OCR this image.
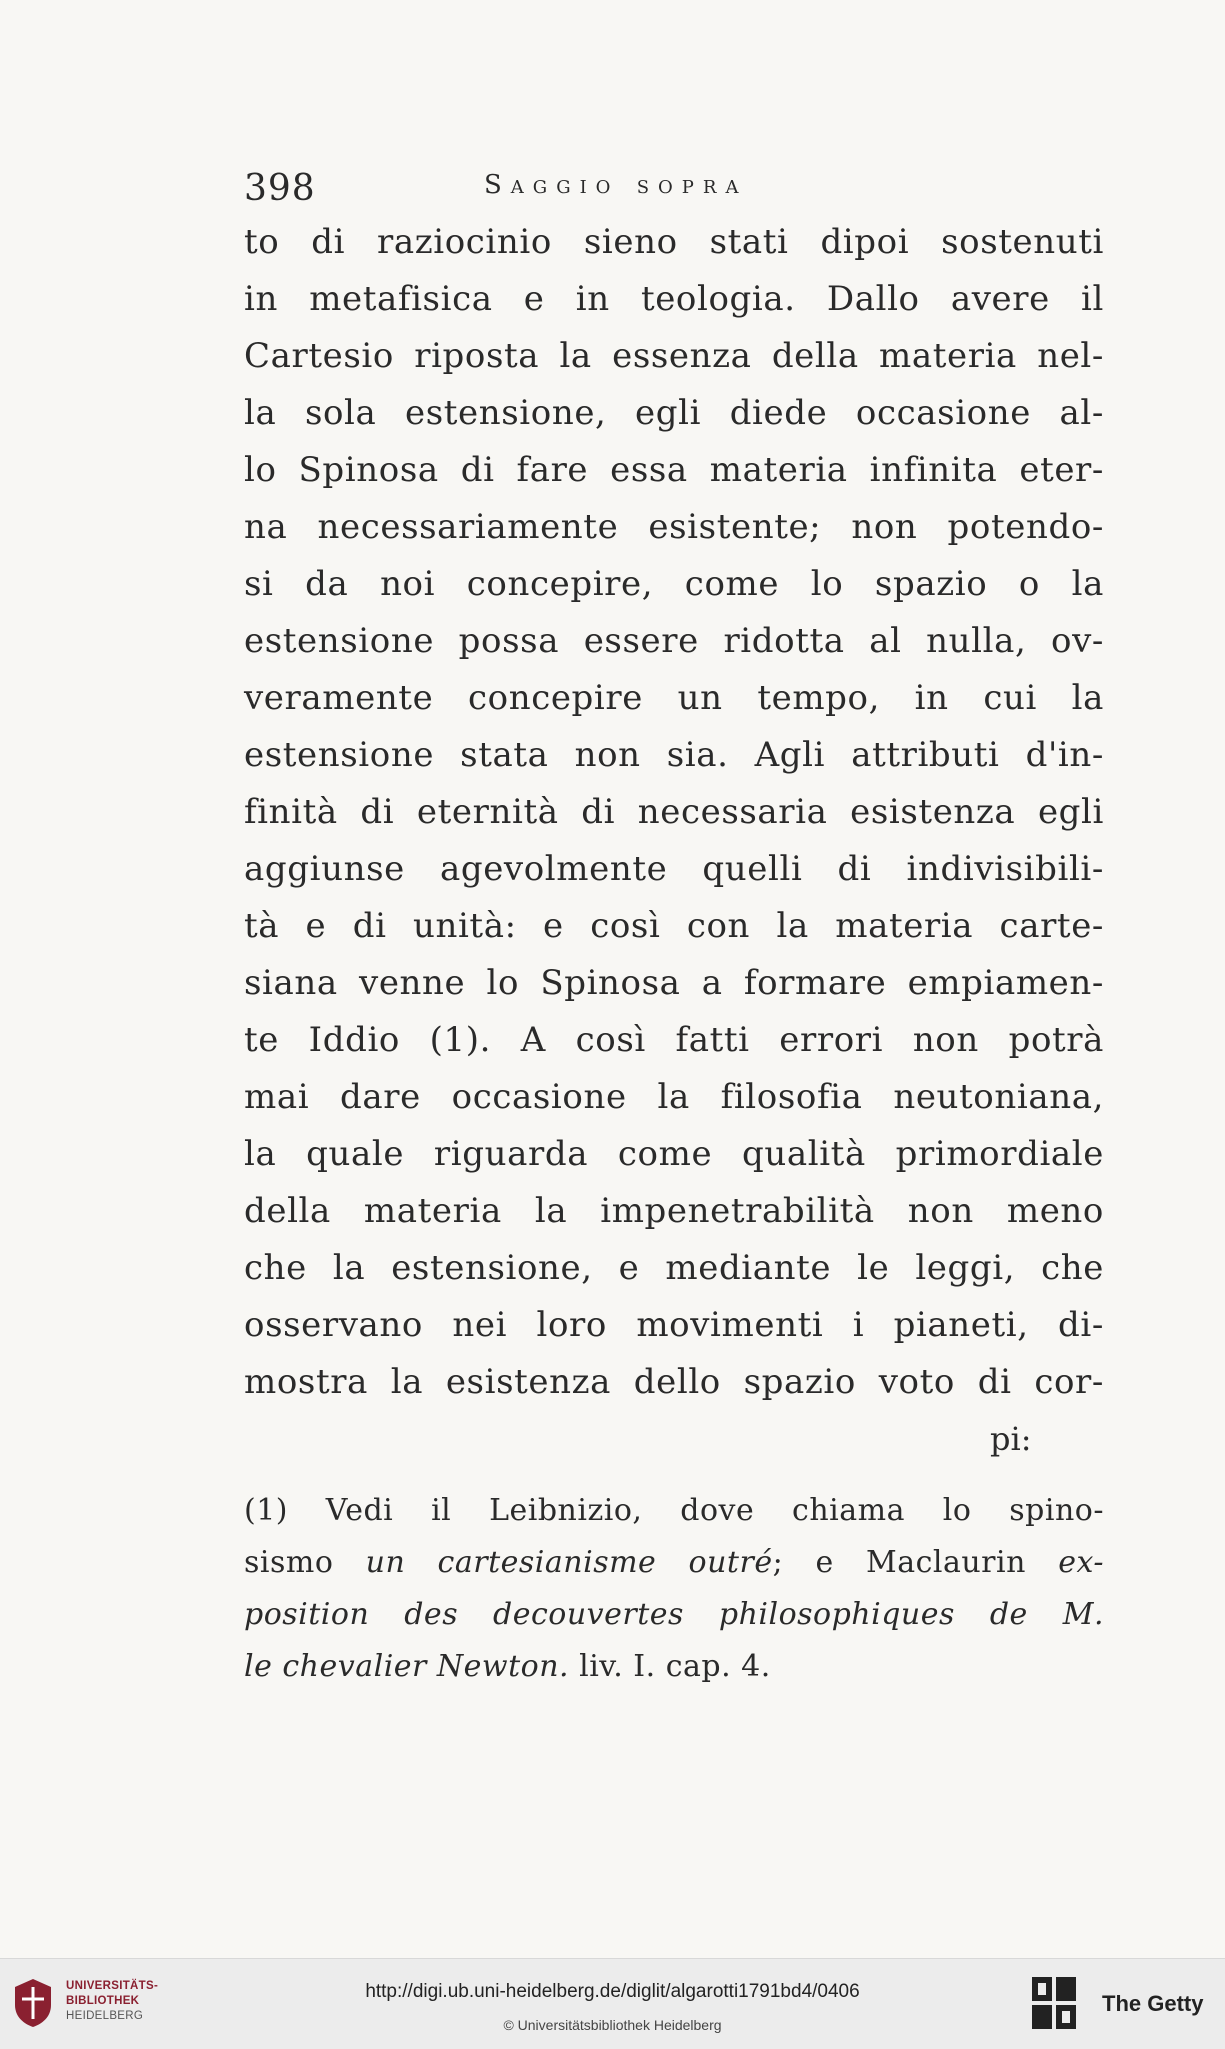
398	Saggio sopra
to di raziocinio sieno stati dipoi sostenuti
in metafisica e in teologia. Dallo avere il
Cartesio riposta la essenza della materia nel-
la sola estensione, egli diede occasione al-
lo Spinosa di fare essa materia infinita eter-
na necessariamente esistente; non potendo-
si da noi concepire, come lo spazio o la
estensione possa essere ridotta al nulla, ov-
veramente concepire un tempo, in cui la
estensione stata non sia. Agli attributi d'in-
finità di eternità di necessaria esistenza egli
aggiunse agevolmente quelli di indivisibili-
tà e di unità: e così con la materia carte-
siana venne lo Spinosa a formare empiamen-
te Iddio (1). A così fatti errori non potrà
mai dare occasione la filosofia neutoniana,
la quale riguarda come qualità primordiale
della materia la impenetrabilità non meno
che la estensione, e mediante le leggi, che
osservano nei loro movimenti i pianeti, di-
mostra la esistenza dello spazio voto di cor-
pi:
(1) Vedi il Leibnizio, dove chiama lo spino-
sismo un cartesianisme outré; e Maclaurin ex-
position des decouvertes philosophiques de M.
le chevalier Newton. liv. I. cap. 4.
UNIVERSITÄTS-
BIBLIOTHEK
HEIDELBERG
http://digi.ub.uni-heidelberg.de/diglit/algarotti1791bd4/0406
© Universitätsbibliothek Heidelberg
The Getty
